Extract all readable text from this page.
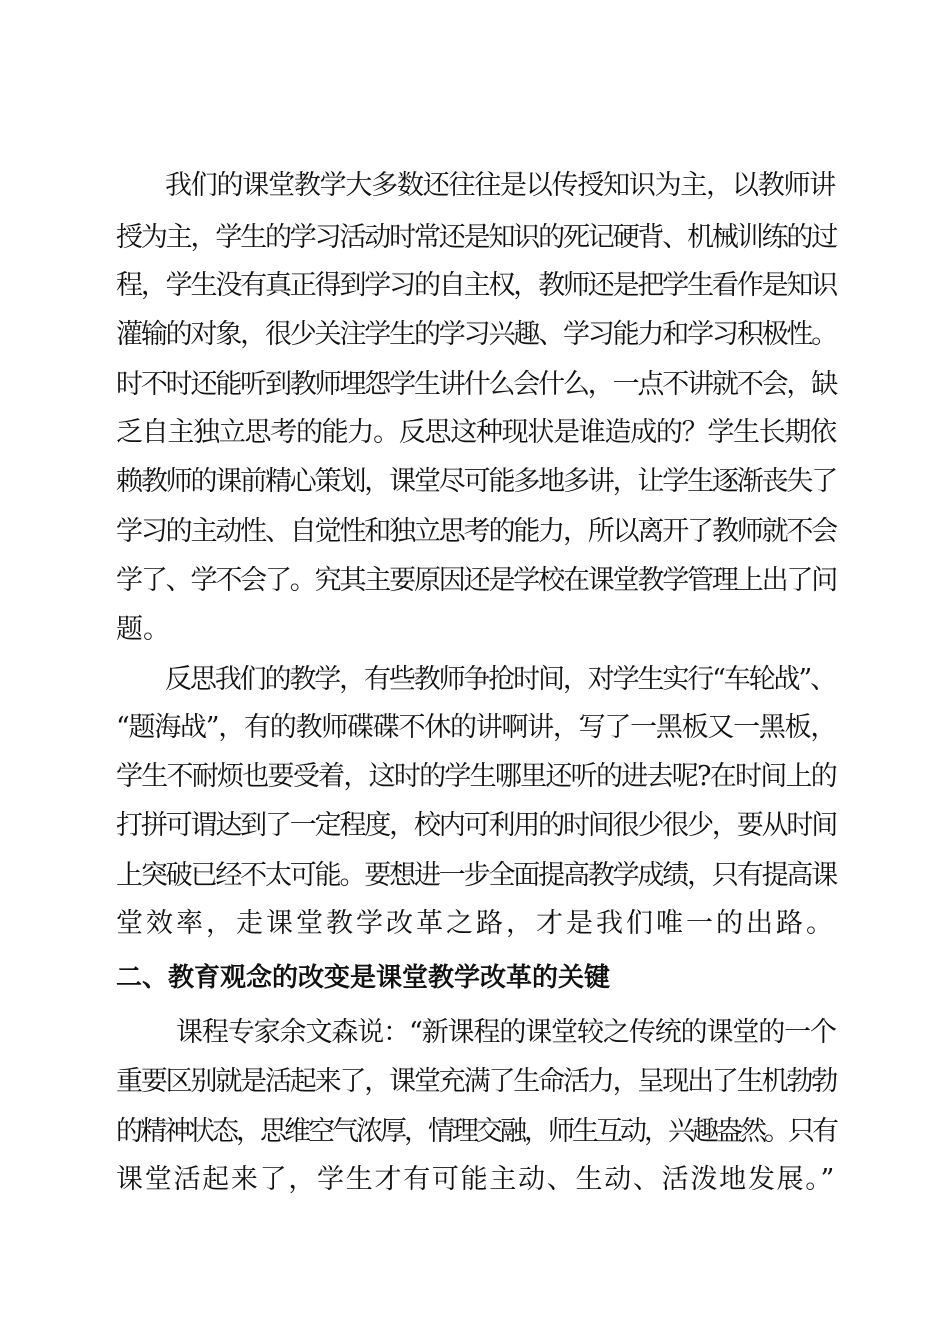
我们的课堂教学大多数还往往是以传授知识为主，以教师讲
授为主，学生的学习活动时常还是知识的死记硬背、机械训练的过
程，学生没有真正得到学习的自主权，教师还是把学生看作是知识
灌输的对象，很少关注学生的学习兴趣、学习能力和学习积极性。
时不时还能听到教师埋怨学生讲什么会什么，一点不讲就不会，缺
乏自主独立思考的能力。反思这种现状是谁造成的？学生长期依
赖教师的课前精心策划，课堂尽可能多地多讲，让学生逐渐丧失了
学习的主动性、自觉性和独立思考的能力，所以离开了教师就不会
学了、学不会了。究其主要原因还是学校在课堂教学管理上出了问
题。
反思我们的教学，有些教师争抢时间，对学生实行“车轮战”、
“题海战”，有的教师碟碟不休的讲啊讲，写了一黑板又一黑板，
学生不耐烦也要受着，这时的学生哪里还听的进去呢?在时间上的
打拼可谓达到了一定程度，校内可利用的时间很少很少，要从时间
上突破已经不太可能。要想进一步全面提高教学成绩，只有提高课
堂效率，走课堂教学改革之路，才是我们唯一的出路。
二、教育观念的改变是课堂教学改革的关键
课程专家余文森说：“新课程的课堂较之传统的课堂的一个
重要区别就是活起来了，课堂充满了生命活力，呈现出了生机勃勃
的精神状态，思维空气浓厚，情理交融，师生互动，兴趣盎然。只有
课堂活起来了，学生才有可能主动、生动、活泼地发展。”
